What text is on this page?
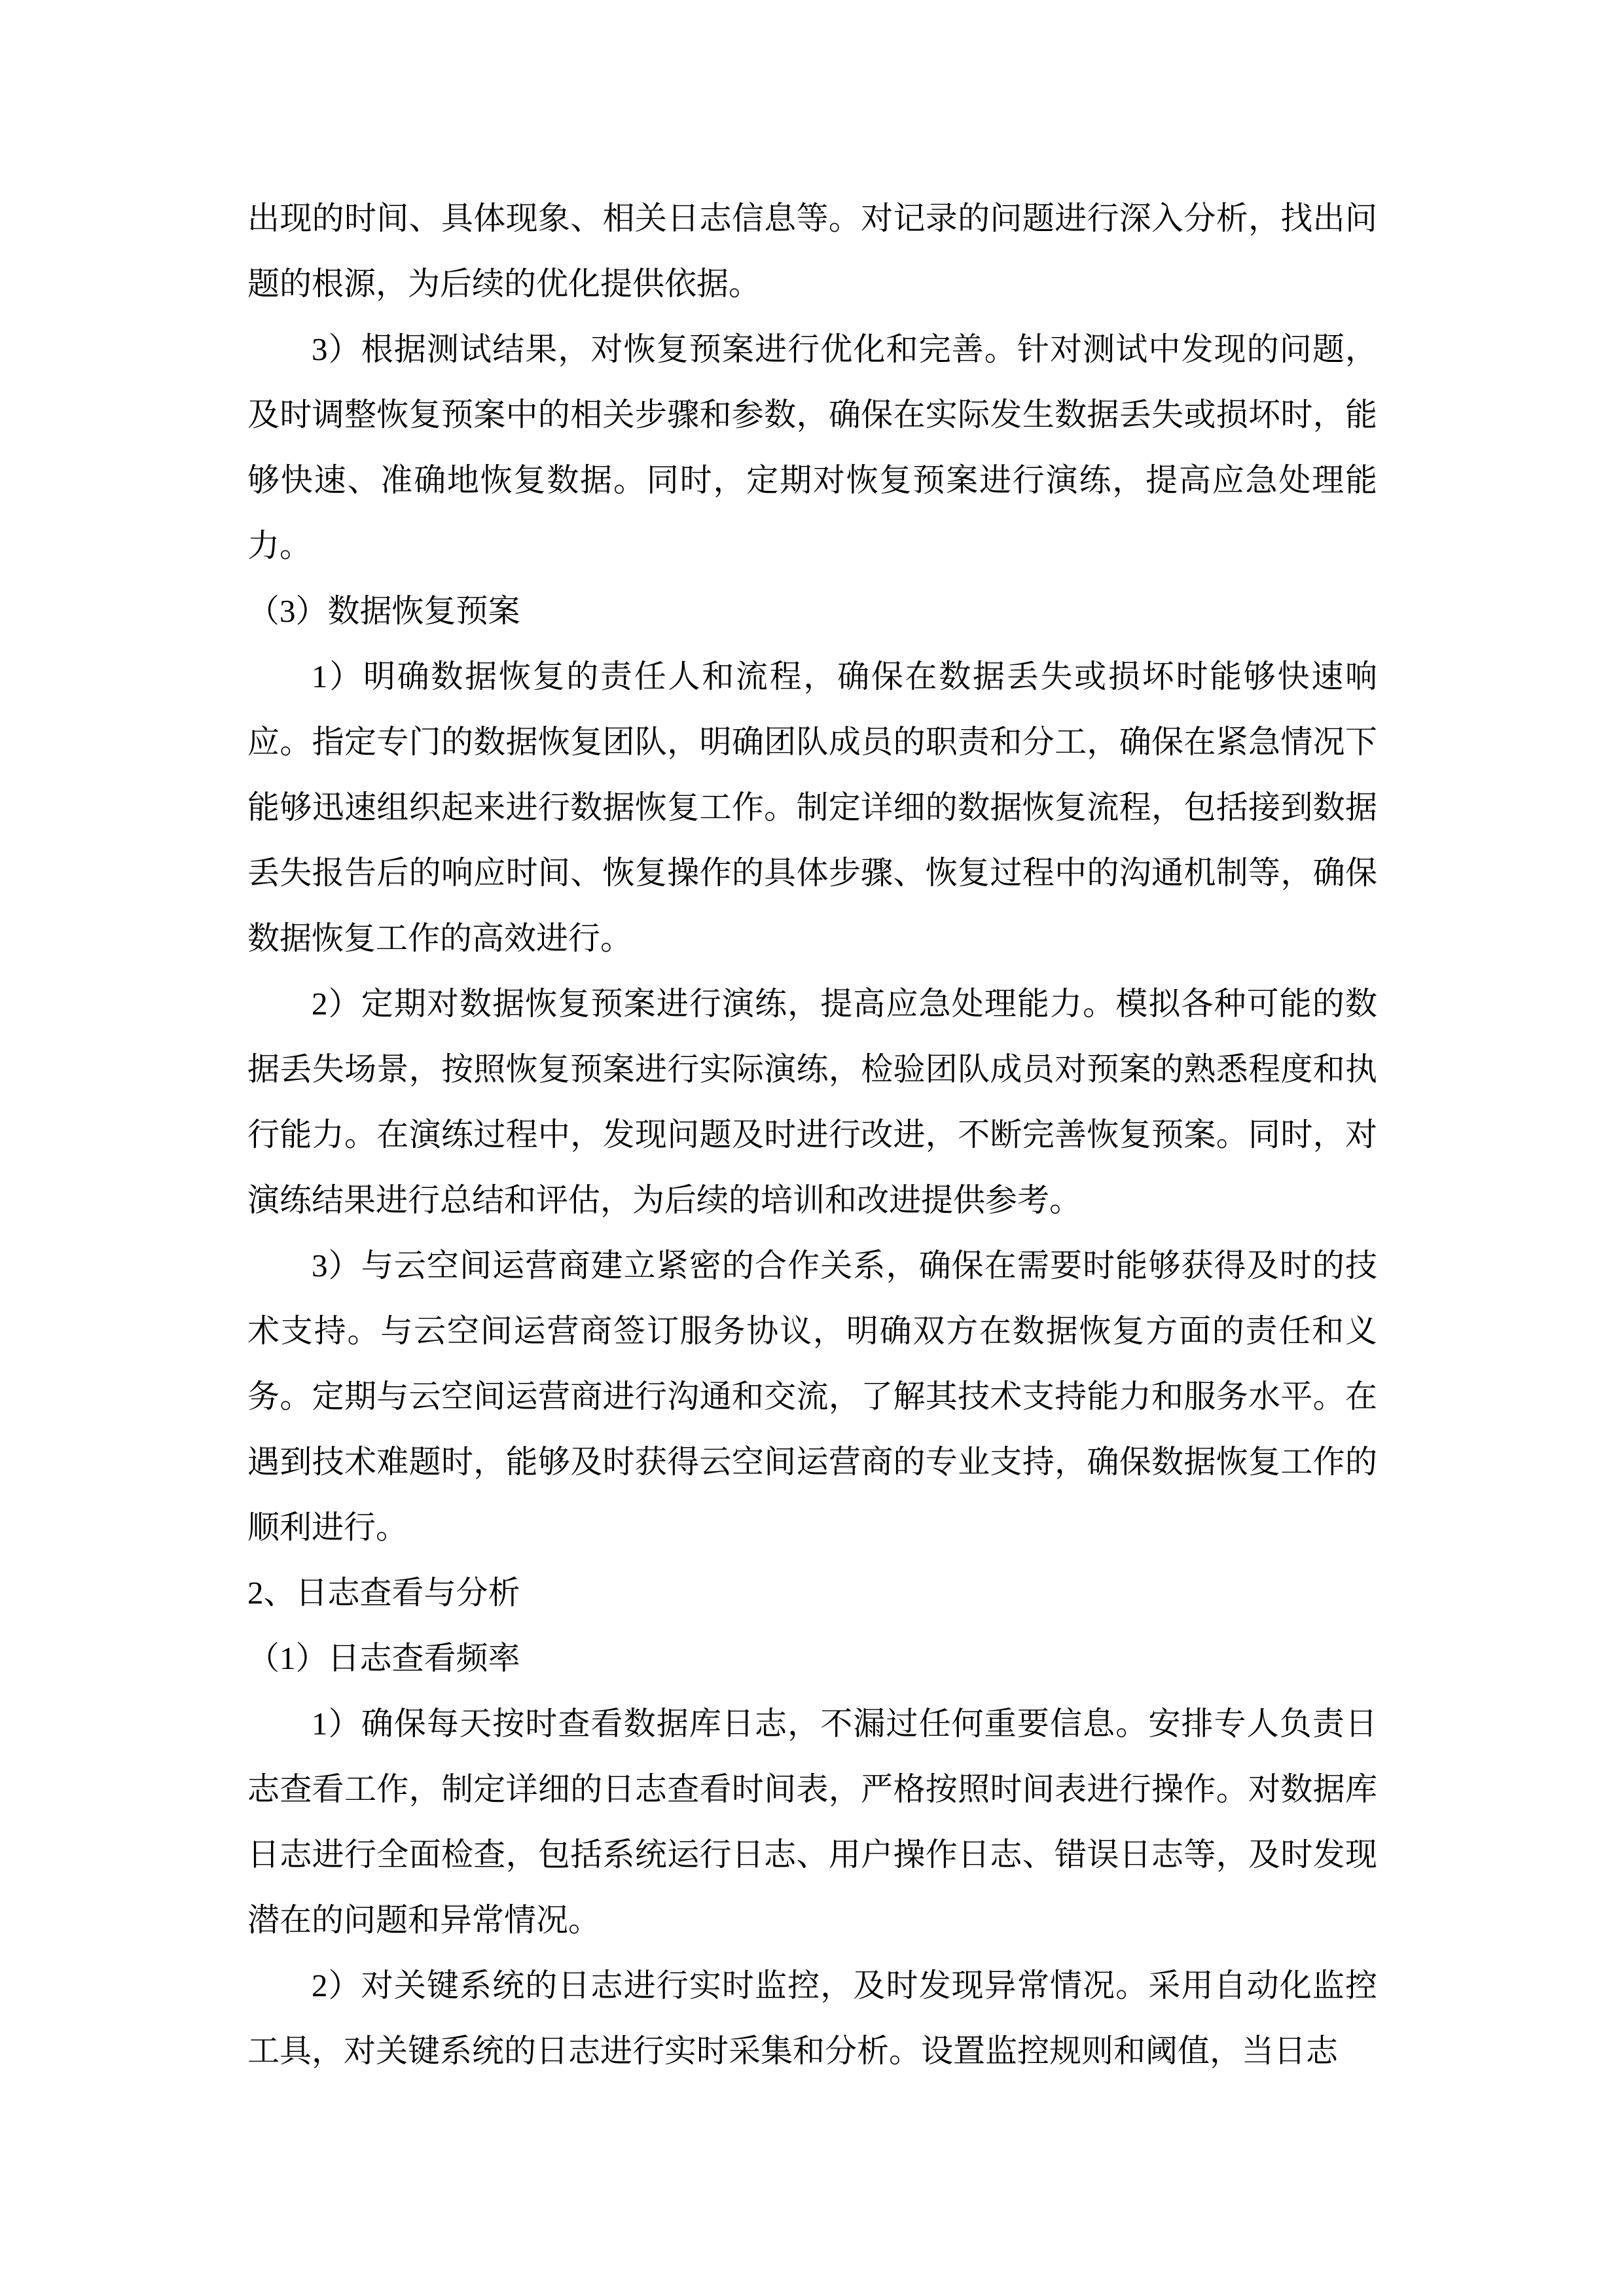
出现的时间、具体现象、相关日志信息等。对记录的问题进行深入分析，找出问题的根源，为后续的优化提供依据。

3）根据测试结果，对恢复预案进行优化和完善。针对测试中发现的问题，及时调整恢复预案中的相关步骤和参数，确保在实际发生数据丢失或损坏时，能够快速、准确地恢复数据。同时，定期对恢复预案进行演练，提高应急处理能力。

（3）数据恢复预案

1）明确数据恢复的责任人和流程，确保在数据丢失或损坏时能够快速响应。指定专门的数据恢复团队，明确团队成员的职责和分工，确保在紧急情况下能够迅速组织起来进行数据恢复工作。制定详细的数据恢复流程，包括接到数据丢失报告后的响应时间、恢复操作的具体步骤、恢复过程中的沟通机制等，确保数据恢复工作的高效进行。

2）定期对数据恢复预案进行演练，提高应急处理能力。模拟各种可能的数据丢失场景，按照恢复预案进行实际演练，检验团队成员对预案的熟悉程度和执行能力。在演练过程中，发现问题及时进行改进，不断完善恢复预案。同时，对演练结果进行总结和评估，为后续的培训和改进提供参考。

3）与云空间运营商建立紧密的合作关系，确保在需要时能够获得及时的技术支持。与云空间运营商签订服务协议，明确双方在数据恢复方面的责任和义务。定期与云空间运营商进行沟通和交流，了解其技术支持能力和服务水平。在遇到技术难题时，能够及时获得云空间运营商的专业支持，确保数据恢复工作的顺利进行。

2、日志查看与分析

（1）日志查看频率

1）确保每天按时查看数据库日志，不漏过任何重要信息。安排专人负责日志查看工作，制定详细的日志查看时间表，严格按照时间表进行操作。对数据库日志进行全面检查，包括系统运行日志、用户操作日志、错误日志等，及时发现潜在的问题和异常情况。

2）对关键系统的日志进行实时监控，及时发现异常情况。采用自动化监控工具，对关键系统的日志进行实时采集和分析。设置监控规则和阈值，当日志
